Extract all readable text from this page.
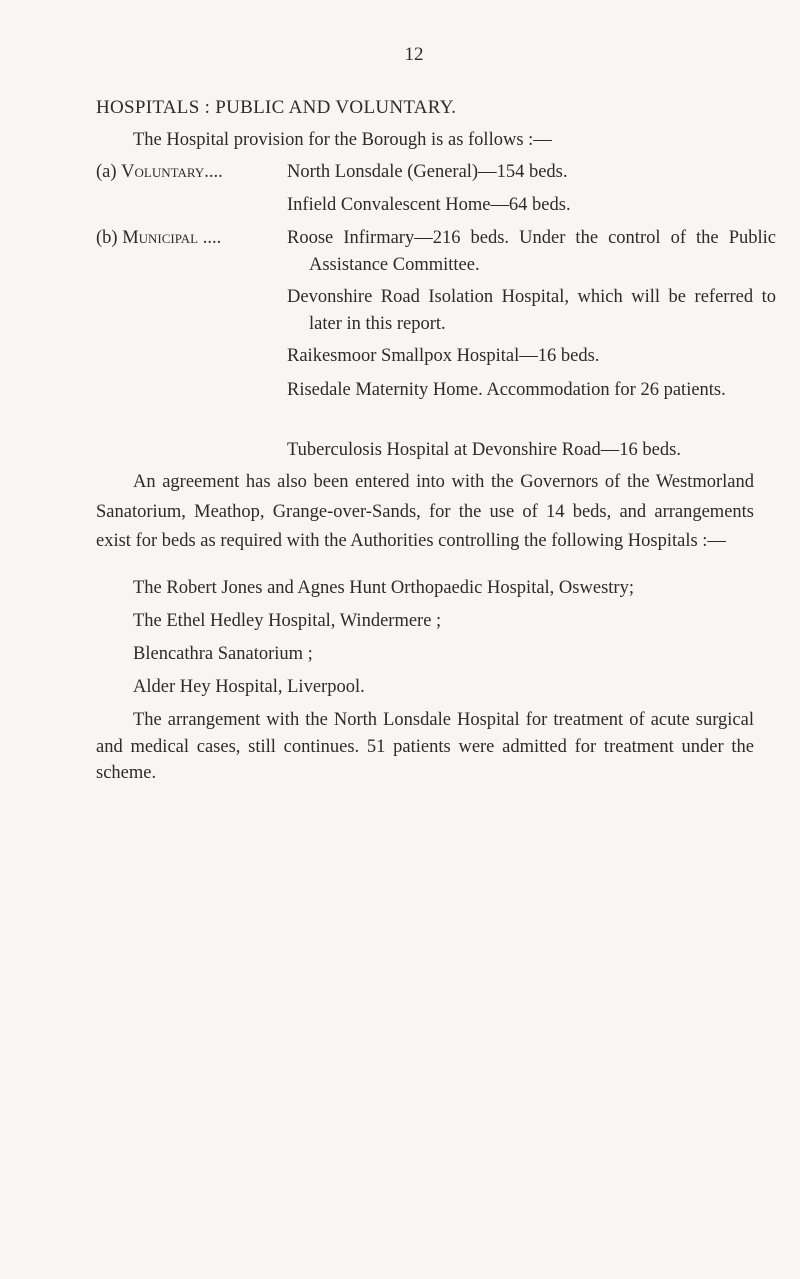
12
HOSPITALS : PUBLIC AND VOLUNTARY.
The Hospital provision for the Borough is as follows :—
(a) Voluntary....	North Lonsdale (General)—154 beds.
Infield Convalescent Home—64 beds.
(b) Municipal ....	Roose Infirmary—216 beds. Under the control of the Public Assistance Committee.
Devonshire Road Isolation Hospital, which will be referred to later in this report.
Raikesmoor Smallpox Hospital—16 beds.
Risedale Maternity Home. Accommodation for 26 patients.
Tuberculosis Hospital at Devonshire Road—16 beds.
An agreement has also been entered into with the Governors of the Westmorland Sanatorium, Meathop, Grange-over-Sands, for the use of 14 beds, and arrangements exist for beds as required with the Authorities controlling the following Hospitals :—
The Robert Jones and Agnes Hunt Orthopaedic Hospital, Oswestry;
The Ethel Hedley Hospital, Windermere ;
Blencathra Sanatorium ;
Alder Hey Hospital, Liverpool.
The arrangement with the North Lonsdale Hospital for treatment of acute surgical and medical cases, still continues. 51 patients were admitted for treatment under the scheme.
